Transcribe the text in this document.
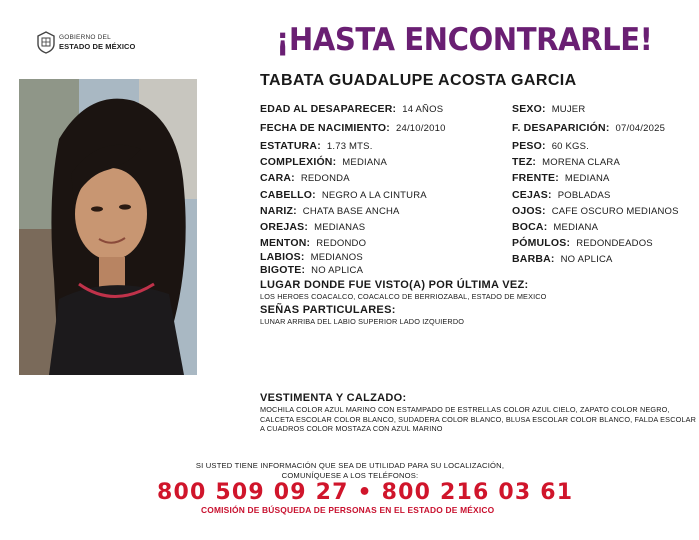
GOBIERNO DEL
ESTADO DE MÉXICO	¡HASTA ENCONTRARLE!
TABATA GUADALUPE ACOSTA GARCIA
EDAD AL DESAPARECER: 14 AÑOS
FECHA DE NACIMIENTO: 24/10/2010
ESTATURA: 1.73 MTS.
COMPLEXIÓN: MEDIANA
CARA: REDONDA
CABELLO: NEGRO A LA CINTURA
NARIZ: CHATA BASE ANCHA
OREJAS: MEDIANAS
MENTON: REDONDO
LABIOS: MEDIANOS
BIGOTE: NO APLICA
SEXO: MUJER
F. DESAPARICIÓN: 07/04/2025
PESO: 60 KGS.
TEZ: MORENA CLARA
FRENTE: MEDIANA
CEJAS: POBLADAS
OJOS: CAFE OSCURO MEDIANOS
BOCA: MEDIANA
PÓMULOS: REDONDEADOS
BARBA: NO APLICA
LUGAR DONDE FUE VISTO(A) POR ÚLTIMA VEZ:
LOS HEROES COACALCO, COACALCO DE BERRIOZABAL, ESTADO DE MEXICO
SEÑAS PARTICULARES:
LUNAR ARRIBA DEL LABIO SUPERIOR LADO IZQUIERDO
VESTIMENTA Y CALZADO:
MOCHILA COLOR AZUL MARINO CON ESTAMPADO DE ESTRELLAS COLOR AZUL CIELO, ZAPATO COLOR NEGRO,
CALCETA ESCOLAR COLOR BLANCO, SUDADERA COLOR BLANCO, BLUSA ESCOLAR COLOR BLANCO, FALDA ESCOLAR
A CUADROS COLOR MOSTAZA CON AZUL MARINO
SI USTED TIENE INFORMACIÓN QUE SEA DE UTILIDAD PARA SU LOCALIZACIÓN,
COMUNÍQUESE A LOS TELÉFONOS:
800 509 09 27 • 800 216 03 61
COMISIÓN DE BÚSQUEDA DE PERSONAS EN EL ESTADO DE MÉXICO
